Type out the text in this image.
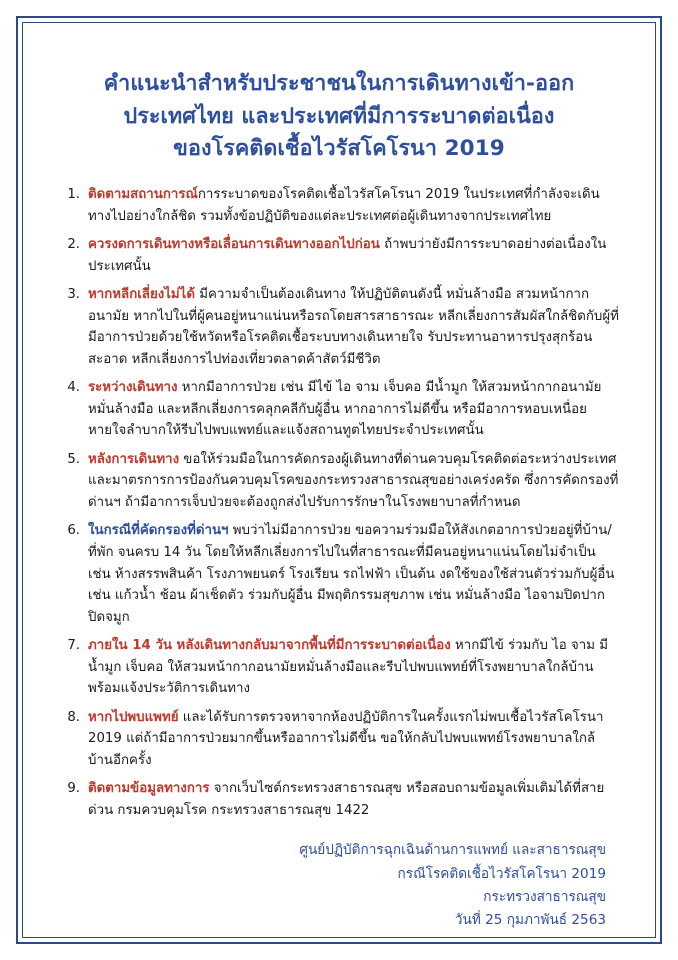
คำแนะนำสำหรับประชาชนในการเดินทางเข้า-ออก
ประเทศไทย และประเทศที่มีการระบาดต่อเนื่อง
ของโรคติดเชื้อไวรัสโคโรนา 2019
1. ติดตามสถานการณ์การระบาดของโรคติดเชื้อไวรัสโคโรนา 2019 ในประเทศที่กำลังจะเดินทางไปอย่างใกล้ชิด รวมทั้งข้อปฏิบัติของแต่ละประเทศต่อผู้เดินทางจากประเทศไทย
2. ควรงดการเดินทางหรือเลื่อนการเดินทางออกไปก่อน ถ้าพบว่ายังมีการระบาดอย่างต่อเนื่องในประเทศนั้น
3. หากหลีกเลี่ยงไม่ได้ มีความจำเป็นต้องเดินทาง ให้ปฏิบัติตนดังนี้ หมั่นล้างมือ สวมหน้ากากอนามัย หากไปในที่ผู้คนอยู่หนาแน่นหรือรถโดยสารสาธารณะ หลีกเลี่ยงการสัมผัสใกล้ชิดกับผู้ที่มีอาการป่วยด้วยใช้หวัดหรือโรคติดเชื้อระบบทางเดินหายใจ รับประทานอาหารปรุงสุกร้อนสะอาด หลีกเลี่ยงการไปท่องเที่ยวตลาดค้าสัตว์มีชีวิต
4. ระหว่างเดินทาง หากมีอาการป่วย เช่น มีไข้ ไอ จาม เจ็บคอ มีน้ำมูก ให้สวมหน้ากากอนามัย หมั่นล้างมือ และหลีกเลี่ยงการคลุกคลีกับผู้อื่น หากอาการไม่ดีขึ้น หรือมีอาการหอบเหนื่อย หายใจลำบากให้รีบไปพบแพทย์และแจ้งสถานทูตไทยประจำประเทศนั้น
5. หลังการเดินทาง ขอให้ร่วมมือในการคัดกรองผู้เดินทางที่ด่านควบคุมโรคติดต่อระหว่างประเทศ และมาตรการการป้องกันควบคุมโรคของกระทรวงสาธารณสุขอย่างเคร่งครัด ซึ่งการคัดกรองที่ด่านฯ ถ้ามีอาการเจ็บป่วยจะต้องถูกส่งไปรับการรักษาในโรงพยาบาลที่กำหนด
6. ในกรณีที่คัดกรองที่ด่านฯ พบว่าไม่มีอาการป่วย ขอความร่วมมือให้สังเกตอาการป่วยอยู่ที่บ้าน/ที่พัก จนครบ 14 วัน โดยให้หลีกเลี่ยงการไปในที่สาธารณะที่มีคนอยู่หนาแน่นโดยไม่จำเป็น เช่น ห้างสรรพสินค้า โรงภาพยนตร์ โรงเรียน รถไฟฟ้า เป็นต้น งดใช้ของใช้ส่วนตัวร่วมกับผู้อื่น เช่น แก้วน้ำ ช้อน ผ้าเช็ดตัว ร่วมกับผู้อื่น มีพฤติกรรมสุขภาพ เช่น หมั่นล้างมือ ไอจามปิดปากปิดจมูก
7. ภายใน 14 วัน หลังเดินทางกลับมาจากพื้นที่มีการระบาดต่อเนื่อง หากมีไข้ ร่วมกับ ไอ จาม มีน้ำมูก เจ็บคอ ให้สวมหน้ากากอนามัยหมั่นล้างมือและรีบไปพบแพทย์ที่โรงพยาบาลใกล้บ้าน พร้อมแจ้งประวัติการเดินทาง
8. หากไปพบแพทย์ และได้รับการตรวจหาจากห้องปฏิบัติการในครั้งแรกไม่พบเชื้อไวรัสโคโรนา 2019 แต่ถ้ามีอาการป่วยมากขึ้นหรืออาการไม่ดีขึ้น ขอให้กลับไปพบแพทย์โรงพยาบาลใกล้บ้านอีกครั้ง
9. ติดตามข้อมูลทางการ จากเว็บไซต์กระทรวงสาธารณสุข หรือสอบถามข้อมูลเพิ่มเติมได้ที่สายด่วน กรมควบคุมโรค กระทรวงสาธารณสุข 1422
ศูนย์ปฏิบัติการฉุกเฉินด้านการแพทย์ และสาธารณสุข
กรณีโรคติดเชื้อไวรัสโคโรนา 2019
กระทรวงสาธารณสุข
วันที่ 25 กุมภาพันธ์ 2563
